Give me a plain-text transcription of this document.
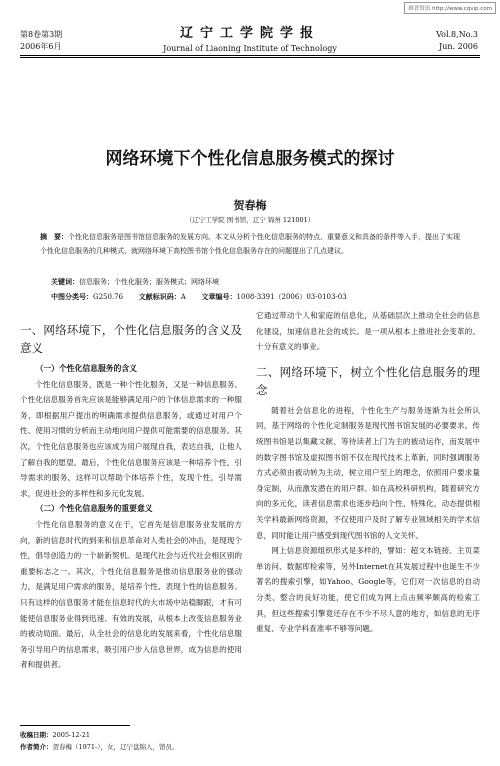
维普资讯 http://www.cqvip.com
第8卷第3期
2006年6月
辽宁工学院学报
Journal of Liaoning Institute of Technology
Vol.8,No.3
Jun. 2006
网络环境下个性化信息服务模式的探讨
贺春梅
（辽宁工学院 图书馆，辽宁 锦州 121001）
摘　要：个性化信息服务是图书馆信息服务的发展方向。本文从分析个性化信息服务的特点、重要意义和具备的条件等入手，提出了实现个性化信息服务的几种模式，就网络环境下高校图书馆个性化信息服务存在的问题提出了几点建议。
关键词：信息服务；个性化服务；服务模式；网络环境
中图分类号：G250.76 文献标识码：A 文章编号：1008-3391（2006）03-0103-03
一、网络环境下，个性化信息服务的含义及意义

（一）个性化信息服务的含义

个性化信息服务，既是一种个性化服务，又是一种信息服务。个性化信息服务首先应该是能够满足用户的个体信息需求的一种服务，即根据用户提出的明确需求提供信息服务，或通过对用户个性、使用习惯的分析而主动地向用户提供可能需要的信息服务。其次，个性化信息服务也应该成为用户展现自我，表达自我，让他人了解自我的愿望。最后，个性化信息服务应该是一种培养个性，引导需求的服务，这样可以帮助个体培养个性，发现个性，引导需求，促进社会的多样性和多元化发展。

（二）个性化信息服务的重要意义

个性化信息服务的意义在于，它首先是信息服务业发展的方向，新的信息时代的到来和信息革命对人类社会的冲击，是现现个性，倡导创造力的一个崭新契机。是现代社会与近代社会相区别的重要标志之一。其次，个性化信息服务是推动信息服务业的强动力，是满足用户需求的服务，是培养个性、表现个性的信息服务。只有这样的信息服务才能在信息时代的大市场中站稳脚跟，才有可能使信息服务业得到迅速、有效的发展，从根本上改变信息服务业的被动局面。最后，从全社会的信息化的发展来看，个性化信息服务引导用户的信息需求，吸引用户步入信息世界，成为信息的使用者和提供者。

它通过带动个人和家庭的信息化，从基础层次上推动全社会的信息化建设，加速信息社会的成长。是一项从根本上推进社会变革的、十分有意义的事业。

二、网络环境下，树立个性化信息服务的理念

随着社会信息化的进程，个性化生产与服务逐渐为社会所认同，基于网络的个性化定制服务是现代图书馆发展的必要要求。传统图书馆是以集藏文献、等待读者上门为主的被动运作，而发展中的数字图书馆及虚拟图书馆不仅在现代技术上革新，同时强调服务方式必须由被动转为主动，树立用户至上的理念，依照用户要求量身定制，从而激发潜在的用户群。如在高校科研机构，随着研究方向的多元化，读者信息需求也逐步趋向个性、特殊化，动态提供相关学科最新网络资源，不仅使用户及时了解专业领域相关的学术信息，同时能让用户感受到现代图书馆的人文关怀。

网上信息资源组织形式是多样的，譬如：超文本链接、主页菜单访问、数据库检索等，另外Internet在其发展过程中也诞生不少著名的搜索引擎，如Yahoo、Google等，它们对一次信息的自动分类、整合的良好功能，使它们成为网上点击频率颇高的检索工具，但这些搜索引擎竟还存在不少不尽人意的地方，如信息的无序重复、专业学科查准率不够等问题。

收稿日期：2005-12-21
作者简介：贺春梅（1971-），女，辽宁盘锦人，馆员。
